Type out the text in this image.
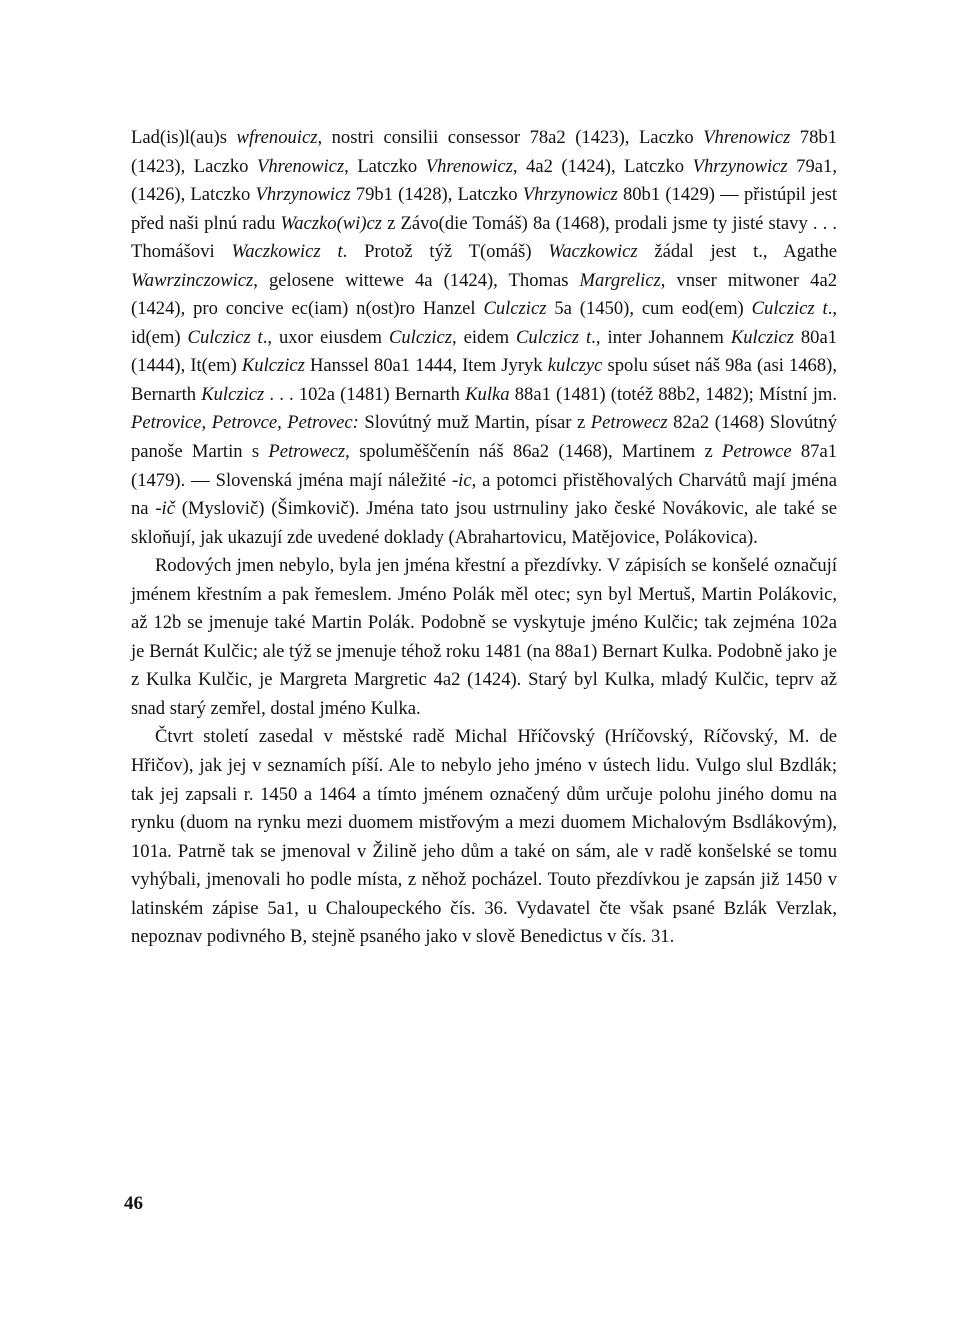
Lad(is)l(au)s wfrenouicz, nostri consilii consessor 78a2 (1423), Laczko Vhrenowicz 78b1 (1423), Laczko Vhrenowicz, Latczko Vhrenowicz, 4a2 (1424), Latczko Vhrzynowicz 79a1, (1426), Latczko Vhrzynowicz 79b1 (1428), Latczko Vhrzynowicz 80b1 (1429) — přistúpil jest před naši plnú radu Waczko(wi)cz z Závo(die Tomáš) 8a (1468), prodali jsme ty jisté stavy . . . Thomášovi Waczkowicz t. Protož týž T(omáš) Waczkowicz žádal jest t., Agathe Wawrzinczowicz, gelosene wittewe 4a (1424), Thomas Margrelicz, vnser mitwoner 4a2 (1424), pro concive ec(iam) n(ost)ro Hanzel Culczicz 5a (1450), cum eod(em) Culczicz t., id(em) Culczicz t., uxor eiusdem Culczicz, eidem Culczicz t., inter Johannem Kulczicz 80a1 (1444), It(em) Kulczicz Hanssel 80a1 1444, Item Jyryk kulczyc spolu súset náš 98a (asi 1468), Bernarth Kulczicz . . . 102a (1481) Bernarth Kulka 88a1 (1481) (totéž 88b2, 1482); Místní jm. Petrovice, Petrovce, Petrovec: Slovútný muž Martin, písar z Petrowecz 82a2 (1468) Slovútný panoše Martin s Petrowecz, spoluměščenín náš 86a2 (1468), Martinem z Petrowce 87a1 (1479). — Slovenská jména mají náležité -ic, a potomci přistěhovalých Charvátů mají jména na -ič (Myslovič) (Šimkovič). Jména tato jsou ustrnuliny jako české Novákovic, ale také se skloňují, jak ukazují zde uvedené doklady (Abrahartovicu, Matějovice, Polákovica).

Rodových jmen nebylo, byla jen jména křestní a přezdívky. V zápisích se konšelé označují jménem křestním a pak řemeslem. Jméno Polák měl otec; syn byl Mertuš, Martin Polákovic, až 12b se jmenuje také Martin Polák. Podobně se vyskytuje jméno Kulčic; tak zejména 102a je Bernát Kulčic; ale týž se jmenuje téhož roku 1481 (na 88a1) Bernart Kulka. Podobně jako je z Kulka Kulčic, je Margreta Margretic 4a2 (1424). Starý byl Kulka, mladý Kulčic, teprv až snad starý zemřel, dostal jméno Kulka.

Čtvrt století zasedal v městské radě Michal Hříčovský (Hríčovský, Ríčovský, M. de Hřičov), jak jej v seznamích píší. Ale to nebylo jeho jméno v ústech lidu. Vulgo slul Bzdlák; tak jej zapsali r. 1450 a 1464 a tímto jménem označený dům určuje polohu jiného domu na rynku (duom na rynku mezi duomem mistřovým a mezi duomem Michalovým Bsdlákovým), 101a. Patrně tak se jmenoval v Žilině jeho dům a také on sám, ale v radě konšelské se tomu vyhýbali, jmenovali ho podle místa, z něhož pocházel. Touto přezdívkou je zapsán již 1450 v latinském zápise 5a1, u Chaloupeckého čís. 36. Vydavatel čte však psané Bzlák Verzlak, nepoznav podivného B, stejně psaného jako v slově Benedictus v čís. 31.

46
